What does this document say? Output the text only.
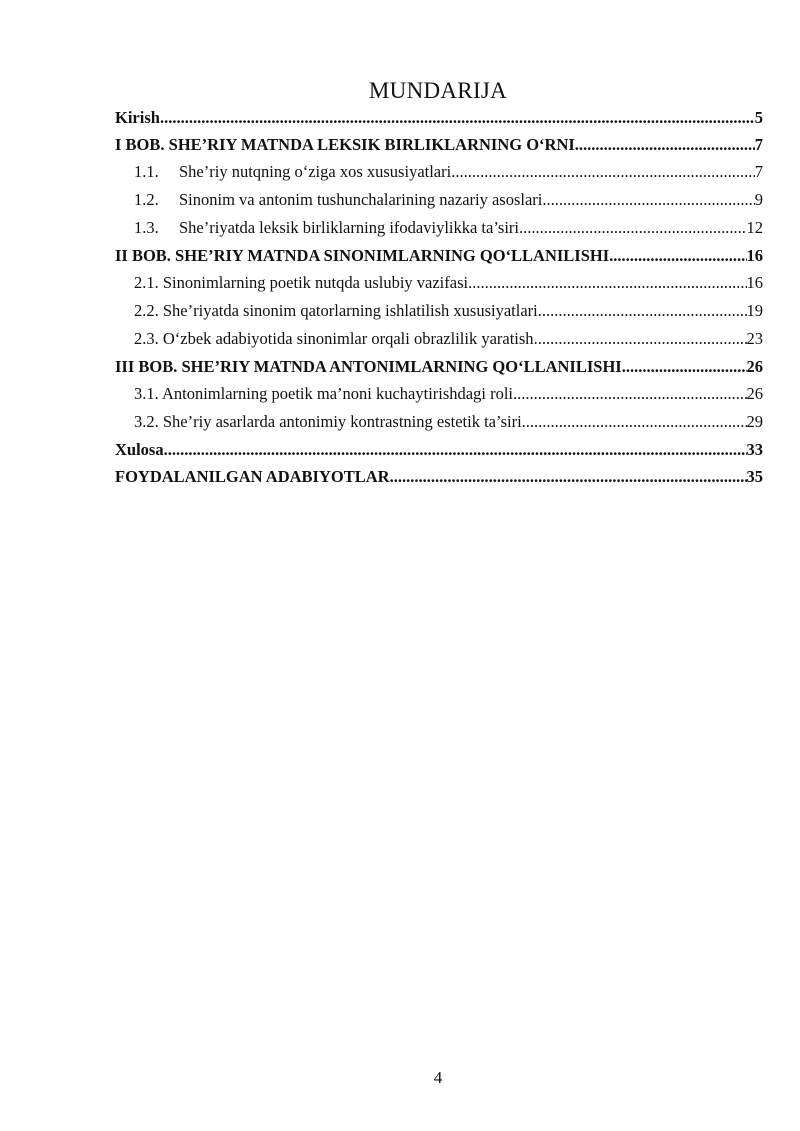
MUNDARIJA
Kirish .....	5
I BOB. SHE’RIY MATNDA LEKSIK BIRLIKLARNING O‘RNI .....	7
1.1.	She’riy nutqning o‘ziga xos xususiyatlari .....	7
1.2.	Sinonim va antonim tushunchalarining nazariy asoslari .....	9
1.3.	She’riyatda leksik birliklarning ifodaviylikka ta’siri .....	12
II BOB. SHE’RIY MATNDA SINONIMLARNING QO‘LLANILISHI .....	16
2.1. Sinonimlarning poetik nutqda uslubiy vazifasi .....	16
2.2. She’riyatda sinonim qatorlarning ishlatilish xususiyatlari .....	19
2.3. O‘zbek adabiyotida sinonimlar orqali obrazlilik yaratish .....	23
III BOB. SHE’RIY MATNDA ANTONIMLARNING QO‘LLANILISHI .....	26
3.1. Antonimlarning poetik ma’noni kuchaytirishdagi roli .....	26
3.2. She’riy asarlarda antonimiy kontrastning estetik ta’siri .....	29
Xulosa .....	33
FOYDALANILGAN ADABIYOTLAR .....	35
4
